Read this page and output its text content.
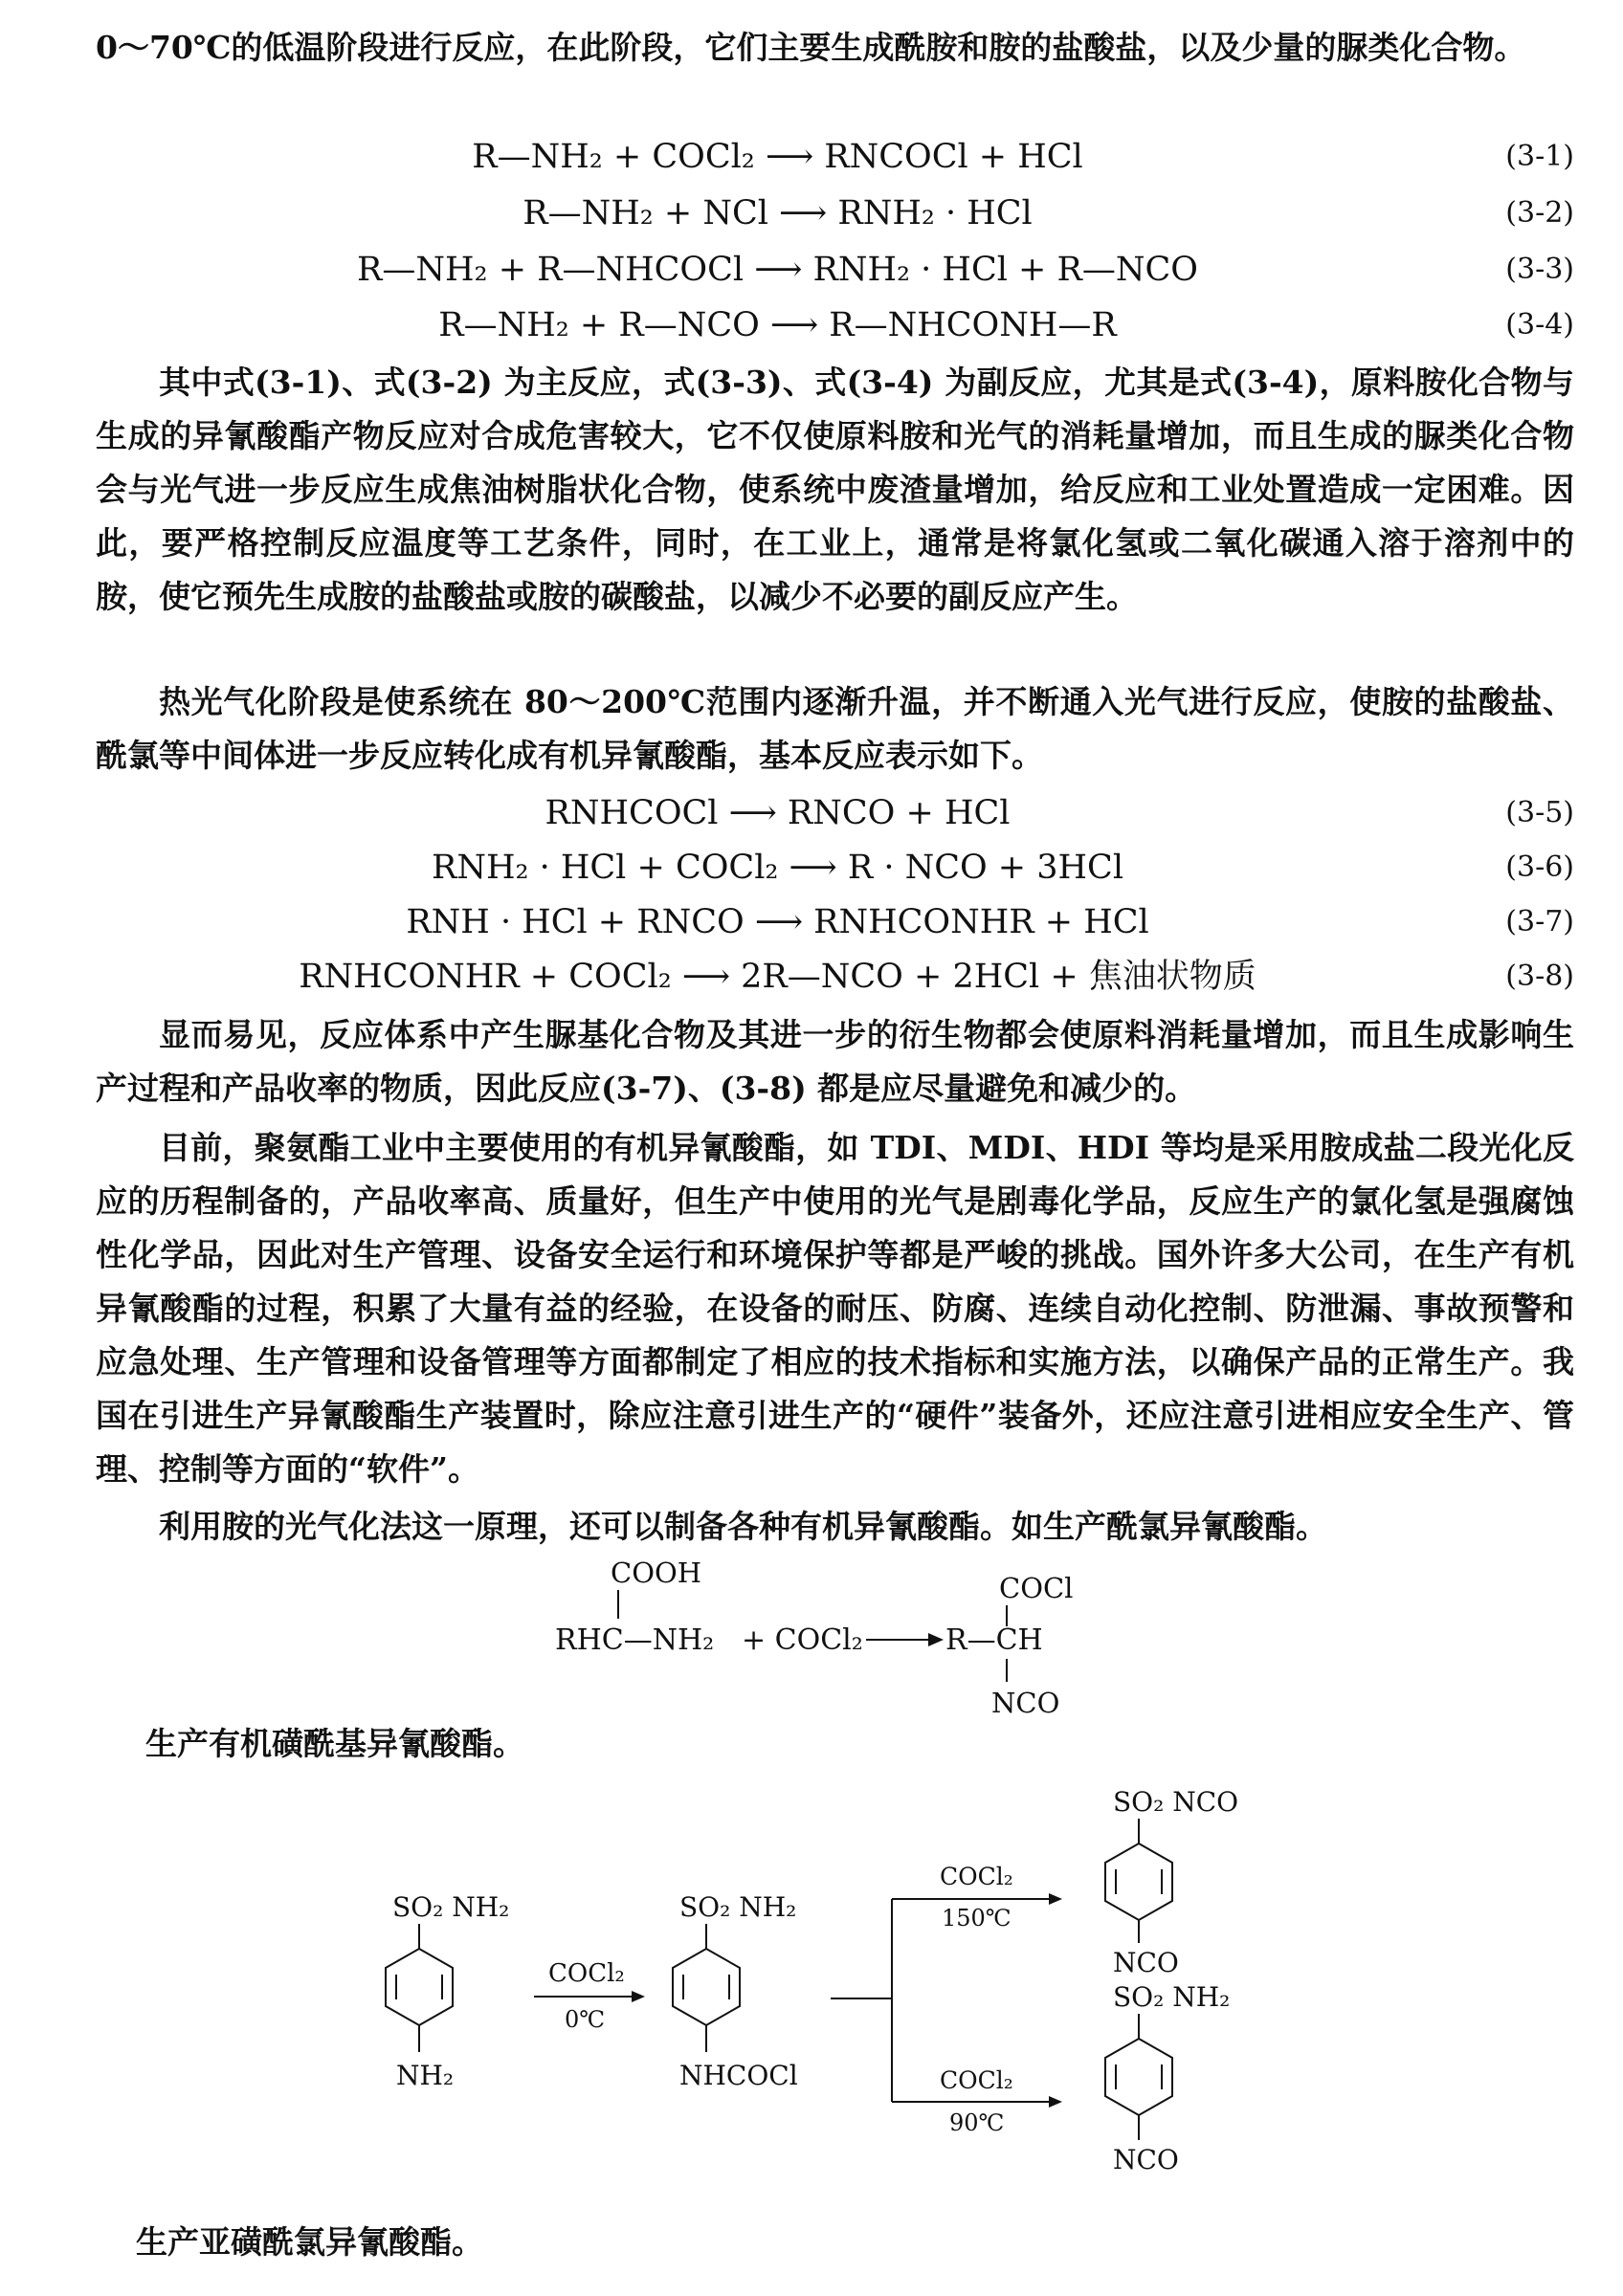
0～70℃的低温阶段进行反应，在此阶段，它们主要生成酰胺和胺的盐酸盐，以及少量的脲类化合物。

R—NH₂ + COCl₂ ⟶ RNCOCl + HCl	(3-1)
R—NH₂ + NCl ⟶ RNH₂ · HCl	(3-2)
R—NH₂ + R—NHCOCl ⟶ RNH₂ · HCl + R—NCO	(3-3)
R—NH₂ + R—NCO ⟶ R—NHCONH—R	(3-4)

其中式(3-1)、式(3-2) 为主反应，式(3-3)、式(3-4) 为副反应，尤其是式(3-4)，原料胺化合物与生成的异氰酸酯产物反应对合成危害较大，它不仅使原料胺和光气的消耗量增加，而且生成的脲类化合物会与光气进一步反应生成焦油树脂状化合物，使系统中废渣量增加，给反应和工业处置造成一定困难。因此，要严格控制反应温度等工艺条件，同时，在工业上，通常是将氯化氢或二氧化碳通入溶于溶剂中的胺，使它预先生成胺的盐酸盐或胺的碳酸盐，以减少不必要的副反应产生。

热光气化阶段是使系统在 80～200℃范围内逐渐升温，并不断通入光气进行反应，使胺的盐酸盐、酰氯等中间体进一步反应转化成有机异氰酸酯，基本反应表示如下。

RNHCOCl ⟶ RNCO + HCl	(3-5)
RNH₂ · HCl + COCl₂ ⟶ R · NCO + 3HCl	(3-6)
RNH · HCl + RNCO ⟶ RNHCONHR + HCl	(3-7)
RNHCONHR + COCl₂ ⟶ 2R—NCO + 2HCl + 焦油状物质	(3-8)

显而易见，反应体系中产生脲基化合物及其进一步的衍生物都会使原料消耗量增加，而且生成影响生产过程和产品收率的物质，因此反应(3-7)、(3-8) 都是应尽量避免和减少的。

目前，聚氨酯工业中主要使用的有机异氰酸酯，如 TDI、MDI、HDI 等均是采用胺成盐二段光化反应的历程制备的，产品收率高、质量好，但生产中使用的光气是剧毒化学品，反应生产的氯化氢是强腐蚀性化学品，因此对生产管理、设备安全运行和环境保护等都是严峻的挑战。国外许多大公司，在生产有机异氰酸酯的过程，积累了大量有益的经验，在设备的耐压、防腐、连续自动化控制、防泄漏、事故预警和应急处理、生产管理和设备管理等方面都制定了相应的技术指标和实施方法，以确保产品的正常生产。我国在引进生产异氰酸酯生产装置时，除应注意引进生产的“硬件”装备外，还应注意引进相应安全生产、管理、控制等方面的“软件”。

利用胺的光气化法这一原理，还可以制备各种有机异氰酸酯。如生产酰氯异氰酸酯。

COOH
RHC—NH₂ + COCl₂
COCl
R—CH
NCO
生产有机磺酰基异氰酸酯。
SO₂ NH₂
NH₂
COCl₂
0℃
SO₂ NH₂
NHCOCl
COCl₂
150℃
COCl₂
90℃
SO₂ NCO
NCO
SO₂ NH₂
NCO
生产亚磺酰氯异氰酸酯。
